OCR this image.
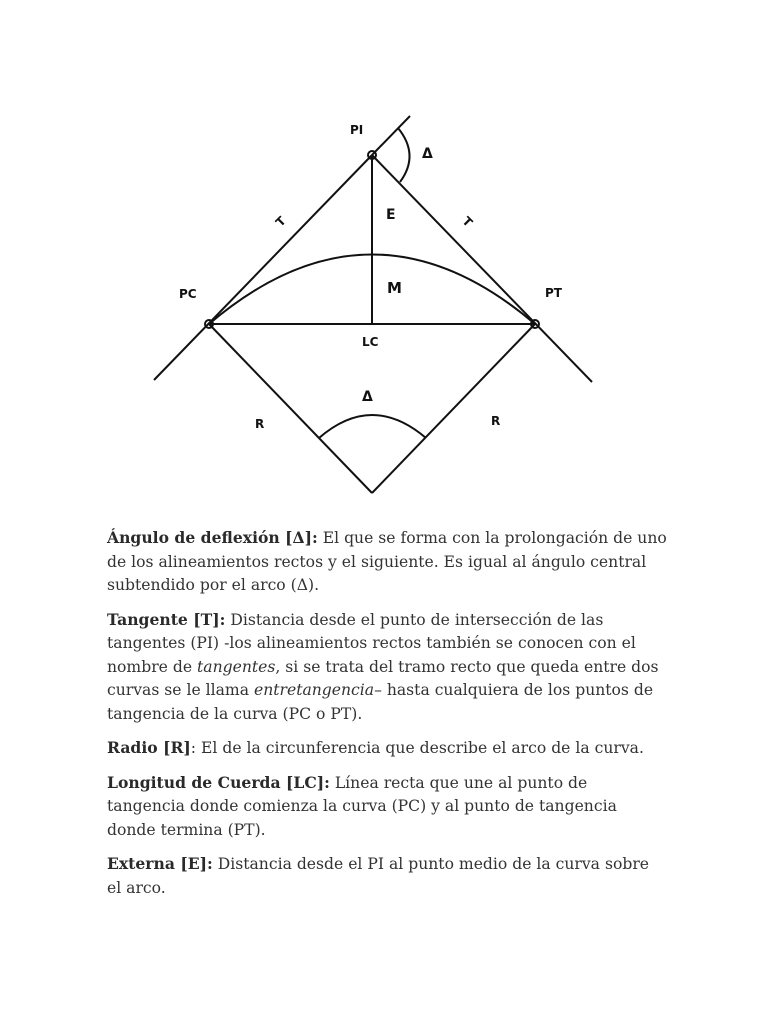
PI
Δ
T	T
E
PC	PT
M
LC
Δ
R	R

Ángulo de deflexión [Δ]: El que se forma con la prolongación de uno de los alineamientos rectos y el siguiente. Es igual al ángulo central subtendido por el arco (Δ).

Tangente [T]: Distancia desde el punto de intersección de las tangentes (PI) -los alineamientos rectos también se conocen con el nombre de tangentes, si se trata del tramo recto que queda entre dos curvas se le llama entretangencia– hasta cualquiera de los puntos de tangencia de la curva (PC o PT).

Radio [R]: El de la circunferencia que describe el arco de la curva.

Longitud de Cuerda [LC]: Línea recta que une al punto de tangencia donde comienza la curva (PC) y al punto de tangencia donde termina (PT).

Externa [E]: Distancia desde el PI al punto medio de la curva sobre el arco.
